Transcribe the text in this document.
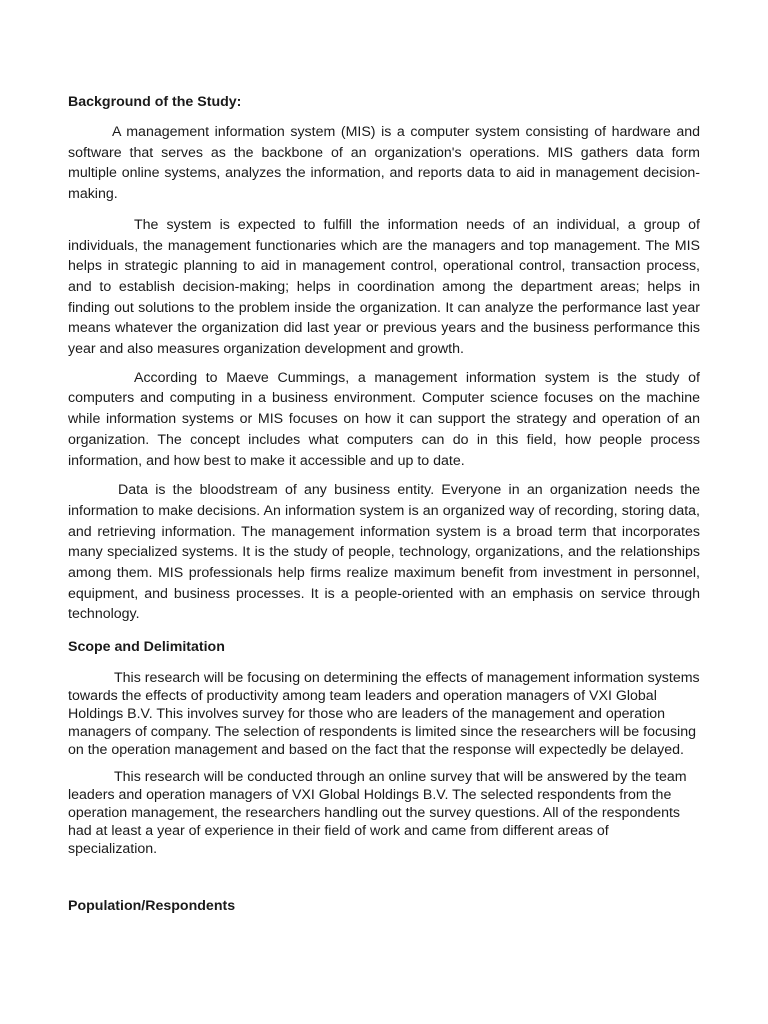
Background of the Study:

A management information system (MIS) is a computer system consisting of hardware and software that serves as the backbone of an organization's operations. MIS gathers data form multiple online systems, analyzes the information, and reports data to aid in management decision-making.

The system is expected to fulfill the information needs of an individual, a group of individuals, the management functionaries which are the managers and top management. The MIS helps in strategic planning to aid in management control, operational control, transaction process, and to establish decision-making; helps in coordination among the department areas; helps in finding out solutions to the problem inside the organization. It can analyze the performance last year means whatever the organization did last year or previous years and the business performance this year and also measures organization development and growth.

According to Maeve Cummings, a management information system is the study of computers and computing in a business environment. Computer science focuses on the machine while information systems or MIS focuses on how it can support the strategy and operation of an organization. The concept includes what computers can do in this field, how people process information, and how best to make it accessible and up to date.

Data is the bloodstream of any business entity. Everyone in an organization needs the information to make decisions. An information system is an organized way of recording, storing data, and retrieving information. The management information system is a broad term that incorporates many specialized systems. It is the study of people, technology, organizations, and the relationships among them. MIS professionals help firms realize maximum benefit from investment in personnel, equipment, and business processes. It is a people-oriented with an emphasis on service through technology.

Scope and Delimitation

This research will be focusing on determining the effects of management information systems towards the effects of productivity among team leaders and operation managers of VXI Global Holdings B.V. This involves survey for those who are leaders of the management and operation managers of company. The selection of respondents is limited since the researchers will be focusing on the operation management and based on the fact that the response will expectedly be delayed.

This research will be conducted through an online survey that will be answered by the team leaders and operation managers of VXI Global Holdings B.V. The selected respondents from the operation management, the researchers handling out the survey questions. All of the respondents had at least a year of experience in their field of work and came from different areas of specialization.

Population/Respondents
